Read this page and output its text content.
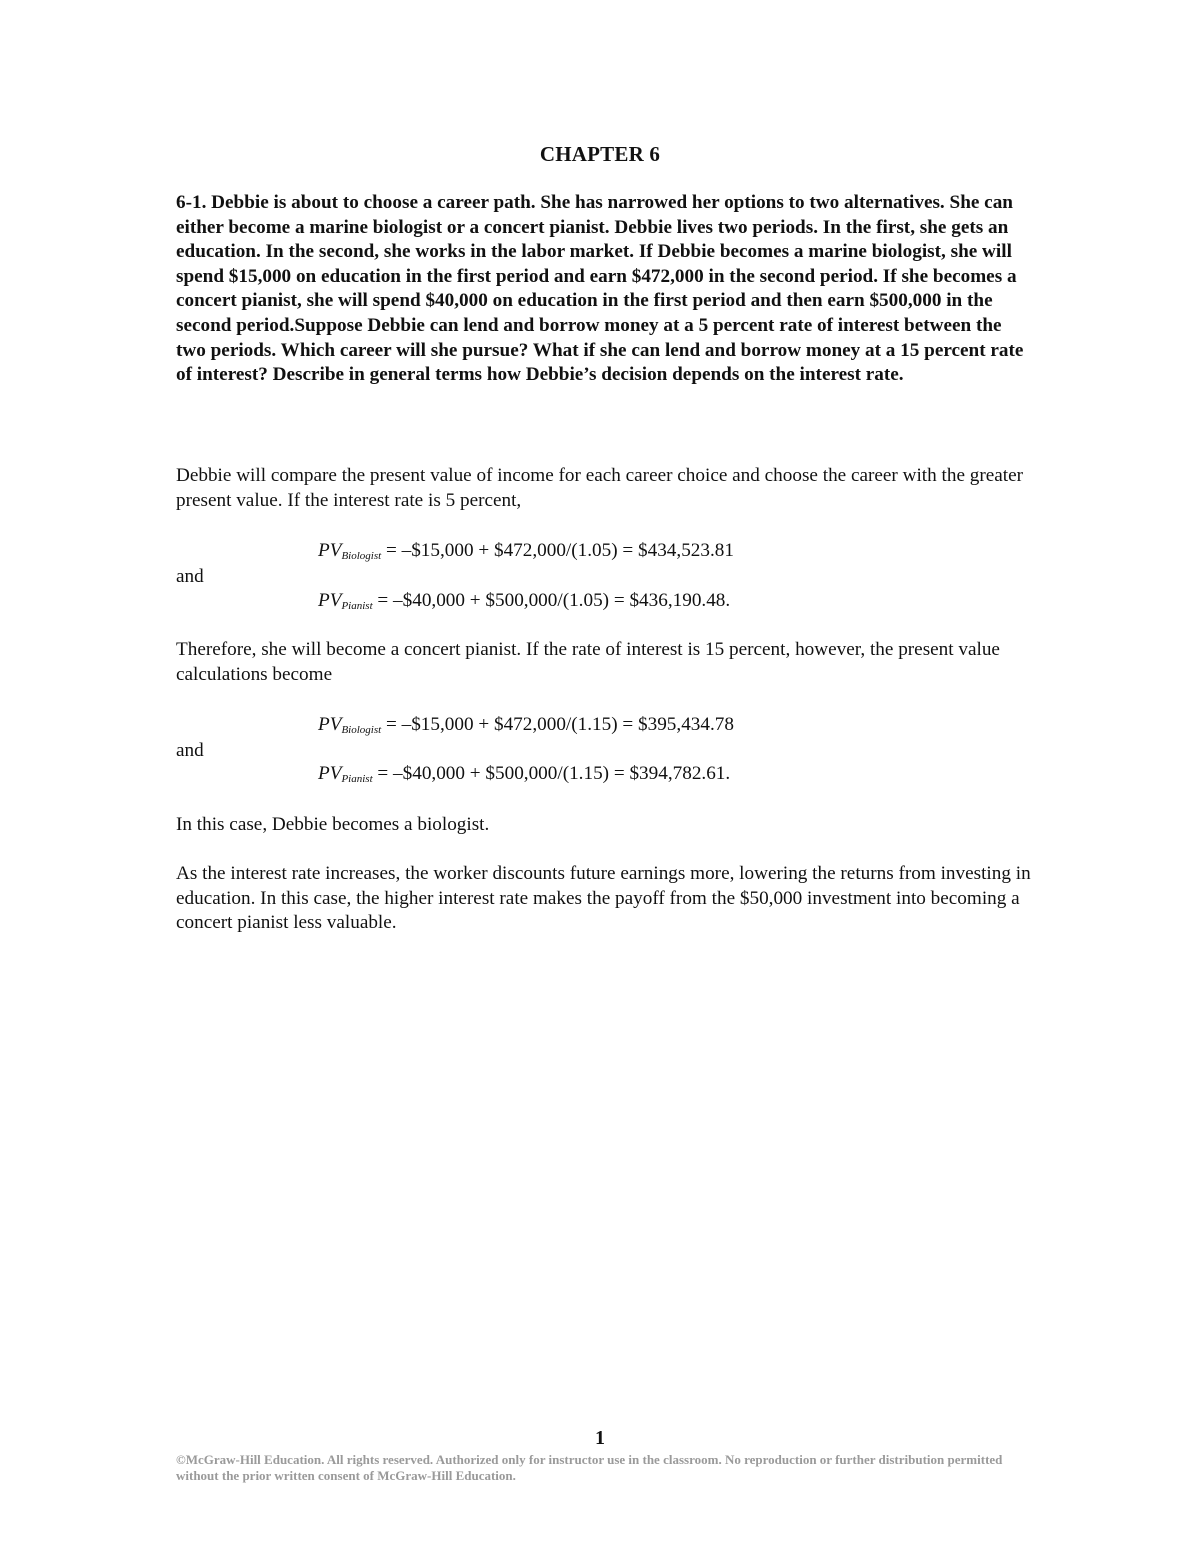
CHAPTER 6

6-1. Debbie is about to choose a career path. She has narrowed her options to two alternatives. She can either become a marine biologist or a concert pianist. Debbie lives two periods. In the first, she gets an education. In the second, she works in the labor market. If Debbie becomes a marine biologist, she will spend $15,000 on education in the first period and earn $472,000 in the second period. If she becomes a concert pianist, she will spend $40,000 on education in the first period and then earn $500,000 in the second period.Suppose Debbie can lend and borrow money at a 5 percent rate of interest between the two periods. Which career will she pursue? What if she can lend and borrow money at a 15 percent rate of interest? Describe in general terms how Debbie’s decision depends on the interest rate.

Debbie will compare the present value of income for each career choice and choose the career with the greater present value. If the interest rate is 5 percent,

$PV_{Biologist}$ = –$15,000 + $472,000/(1.05) = $434,523.81
and
$PV_{Pianist}$ = –$40,000 + $500,000/(1.05) = $436,190.48.

Therefore, she will become a concert pianist. If the rate of interest is 15 percent, however, the present value calculations become

$PV_{Biologist}$ = –$15,000 + $472,000/(1.15) = $395,434.78
and
$PV_{Pianist}$ = –$40,000 + $500,000/(1.15) = $394,782.61.

In this case, Debbie becomes a biologist.

As the interest rate increases, the worker discounts future earnings more, lowering the returns from investing in education. In this case, the higher interest rate makes the payoff from the $50,000 investment into becoming a concert pianist less valuable.

1
©McGraw-Hill Education. All rights reserved. Authorized only for instructor use in the classroom. No reproduction or further distribution permitted without the prior written consent of McGraw-Hill Education.
